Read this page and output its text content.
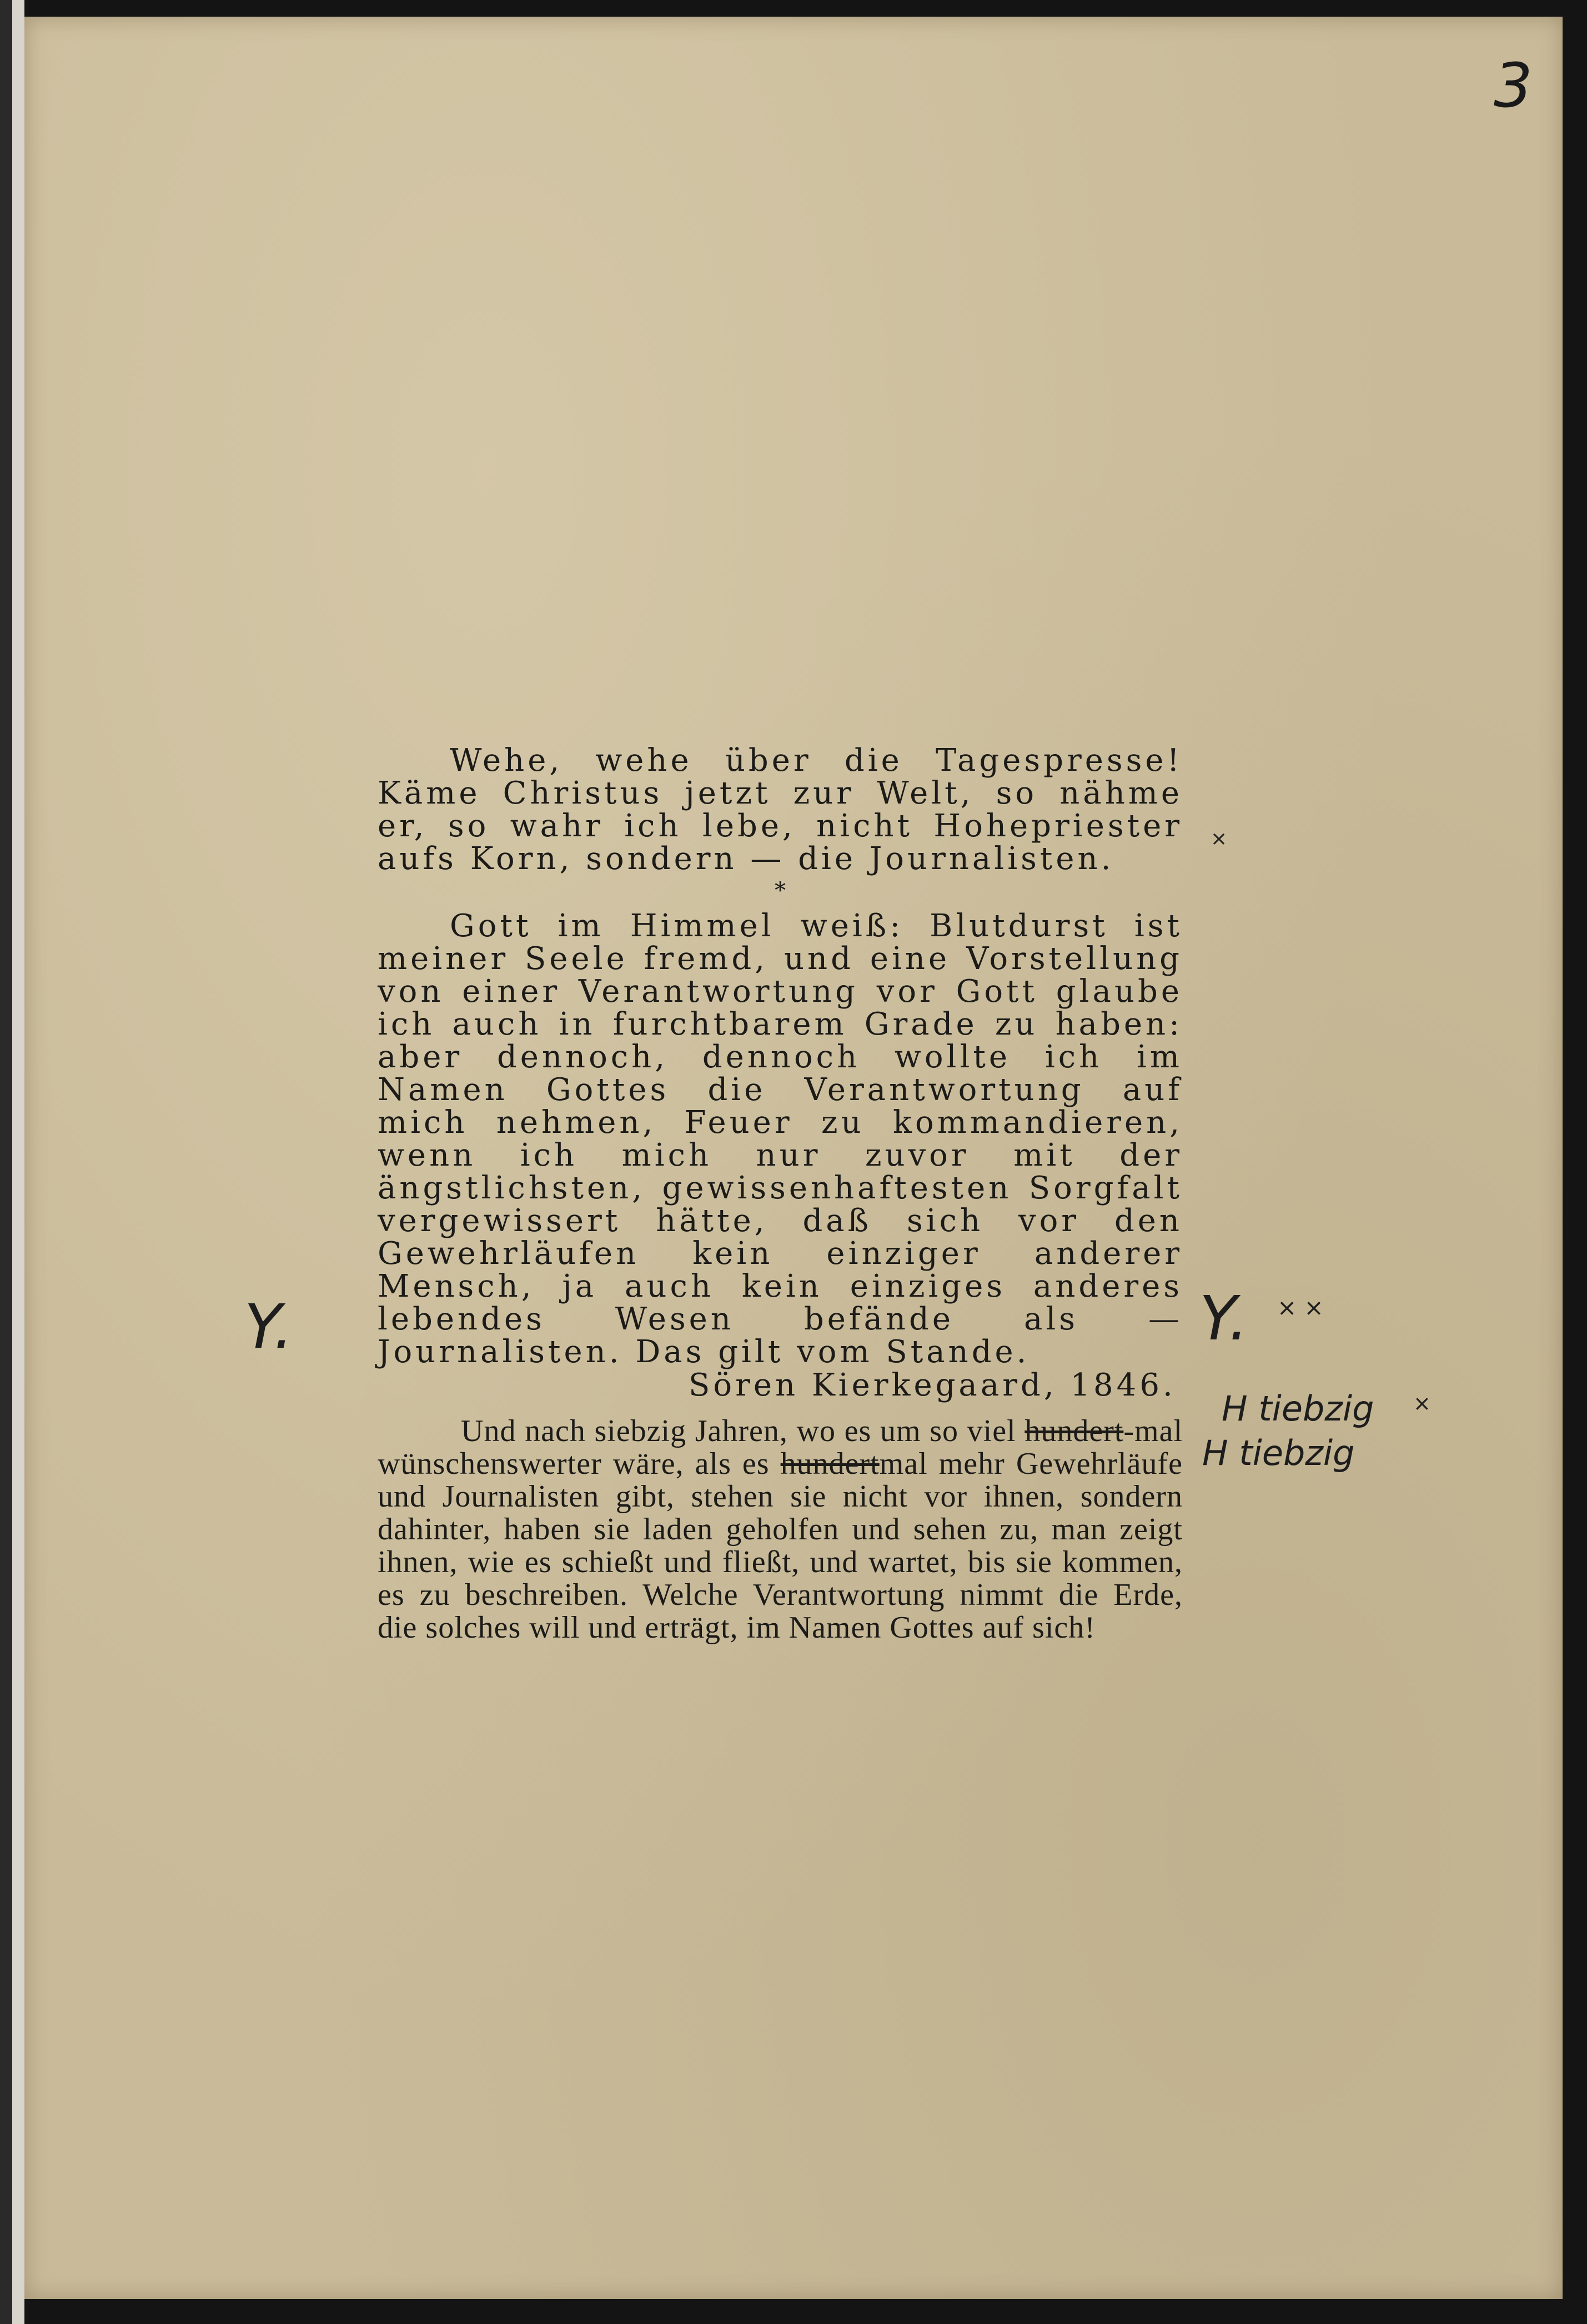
3

Wehe, wehe über die Tagespresse! Käme Christus jetzt zur Welt, so nähme er, so wahr ich lebe, nicht Hohepriester aufs Korn, sondern — die Journalisten.

*

Gott im Himmel weiß: Blutdurst ist meiner Seele fremd, und eine Vorstellung von einer Verantwortung vor Gott glaube ich auch in furchtbarem Grade zu haben: aber dennoch, dennoch wollte ich im Namen Gottes die Verantwortung auf mich nehmen, Feuer zu kommandieren, wenn ich mich nur zuvor mit der ängstlichsten, gewissenhaftesten Sorgfalt vergewissert hätte, daß sich vor den Gewehrläufen kein einziger anderer Mensch, ja auch kein einziges anderes lebendes Wesen befände als — Journalisten. Das gilt vom Stande.

Sören Kierkegaard, 1846.

Und nach siebzig Jahren, wo es um so viel hundert-mal wünschenswerter wäre, als es hundertmal mehr Gewehrläufe und Journalisten gibt, stehen sie nicht vor ihnen, sondern dahinter, haben sie laden geholfen und sehen zu, man zeigt ihnen, wie es schießt und fließt, und wartet, bis sie kommen, es zu beschreiben. Welche Verantwortung nimmt die Erde, die solches will und erträgt, im Namen Gottes auf sich!

Y.	Y. × ×
×
×
H tiebzig
H tiebzig
